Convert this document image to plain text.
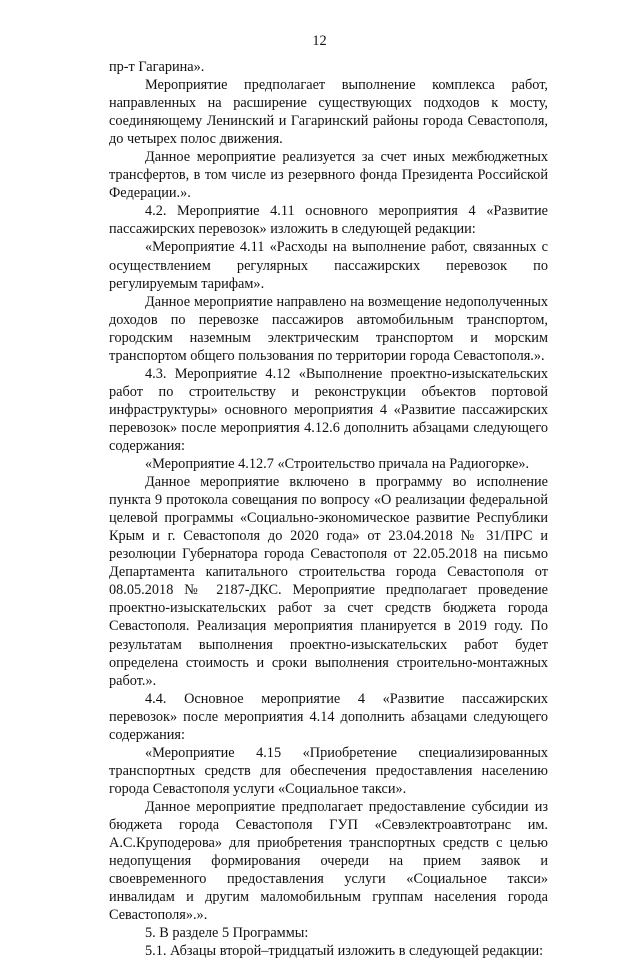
12

пр-т Гагарина».

Мероприятие предполагает выполнение комплекса работ, направленных на расширение существующих подходов к мосту, соединяющему Ленинский и Гагаринский районы города Севастополя, до четырех полос движения.

Данное мероприятие реализуется за счет иных межбюджетных трансфертов, в том числе из резервного фонда Президента Российской Федерации.».

4.2. Мероприятие 4.11 основного мероприятия 4 «Развитие пассажирских перевозок» изложить в следующей редакции:

«Мероприятие 4.11 «Расходы на выполнение работ, связанных с осуществлением регулярных пассажирских перевозок по регулируемым тарифам».

Данное мероприятие направлено на возмещение недополученных доходов по перевозке пассажиров автомобильным транспортом, городским наземным электрическим транспортом и морским транспортом общего пользования по территории города Севастополя.».

4.3. Мероприятие 4.12 «Выполнение проектно-изыскательских работ по строительству и реконструкции объектов портовой инфраструктуры» основного мероприятия 4 «Развитие пассажирских перевозок» после мероприятия 4.12.6 дополнить абзацами следующего содержания:

«Мероприятие 4.12.7 «Строительство причала на Радиогорке».

Данное мероприятие включено в программу во исполнение пункта 9 протокола совещания по вопросу «О реализации федеральной целевой программы «Социально-экономическое развитие Республики Крым и г. Севастополя до 2020 года» от 23.04.2018 № 31/ПРС и резолюции Губернатора города Севастополя от 22.05.2018 на письмо Департамента капитального строительства города Севастополя от 08.05.2018 № 2187-ДКС. Мероприятие предполагает проведение проектно-изыскательских работ за счет средств бюджета города Севастополя. Реализация мероприятия планируется в 2019 году. По результатам выполнения проектно-изыскательских работ будет определена стоимость и сроки выполнения строительно-монтажных работ.».

4.4. Основное мероприятие 4 «Развитие пассажирских перевозок» после мероприятия 4.14 дополнить абзацами следующего содержания:

«Мероприятие 4.15 «Приобретение специализированных транспортных средств для обеспечения предоставления населению города Севастополя услуги «Социальное такси».

Данное мероприятие предполагает предоставление субсидии из бюджета города Севастополя ГУП «Севэлектроавтотранс им. А.С.Круподерова» для приобретения транспортных средств с целью недопущения формирования очереди на прием заявок и своевременного предоставления услуги «Социальное такси» инвалидам и другим маломобильным группам населения города Севастополя».».

5. В разделе 5 Программы:

5.1. Абзацы второй–тридцатый изложить в следующей редакции:
